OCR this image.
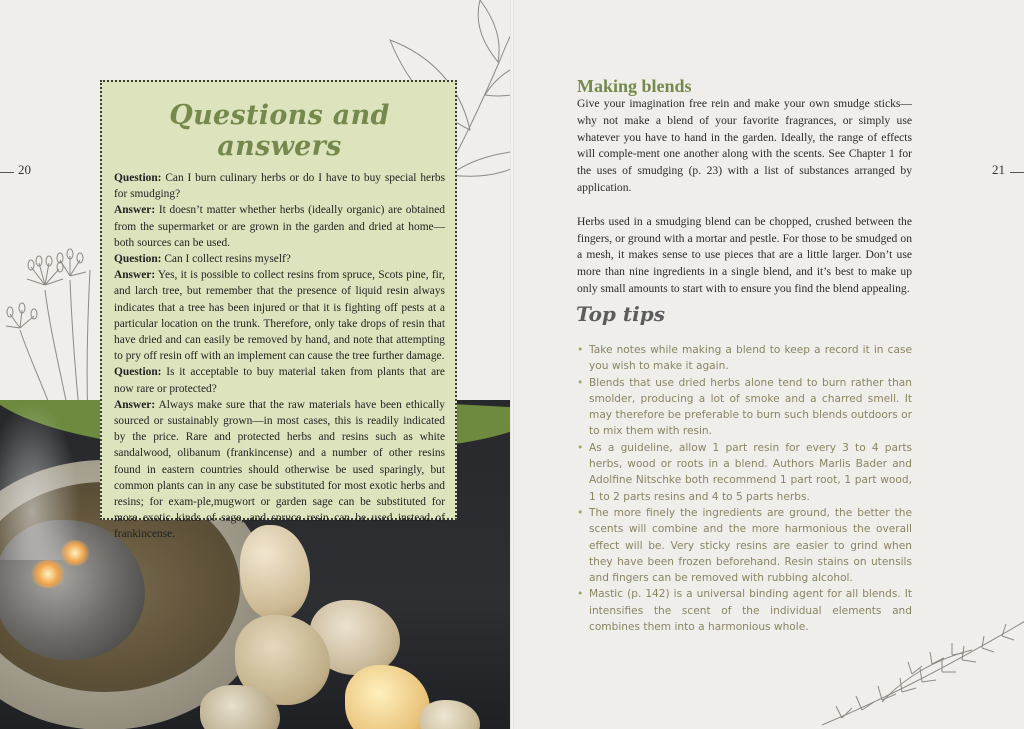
20
Questions and answers

Question: Can I burn culinary herbs or do I have to buy special herbs for smudging?

Answer: It doesn’t matter whether herbs (ideally organic) are obtained from the supermarket or are grown in the garden and dried at home—both sources can be used.

Question: Can I collect resins myself?

Answer: Yes, it is possible to collect resins from spruce, Scots pine, fir, and larch tree, but remember that the presence of liquid resin always indicates that a tree has been injured or that it is fighting off pests at a particular location on the trunk. Therefore, only take drops of resin that have dried and can easily be removed by hand, and note that attempting to pry off resin off with an implement can cause the tree further damage.

Question: Is it acceptable to buy material taken from plants that are now rare or protected?

Answer: Always make sure that the raw materials have been ethically sourced or sustainably grown—in most cases, this is readily indicated by the price. Rare and protected herbs and resins such as white sandalwood, olibanum (frankincense) and a number of other resins found in eastern countries should otherwise be used sparingly, but common plants can in any case be substituted for most exotic herbs and resins; for exam-ple,mugwort or garden sage can be substituted for more exotic kinds of sage, and spruce resin can be used instead of frankincense.

21
Making blends

Give your imagination free rein and make your own smudge sticks—why not make a blend of your favorite fragrances, or simply use whatever you have to hand in the garden. Ideally, the range of effects will comple-ment one another along with the scents. See Chapter 1 for the uses of smudging (p. 23) with a list of substances arranged by application.

Herbs used in a smudging blend can be chopped, crushed between the fingers, or ground with a mortar and pestle. For those to be smudged on a mesh, it makes sense to use pieces that are a little larger. Don’t use more than nine ingredients in a single blend, and it’s best to make up only small amounts to start with to ensure you find the blend appealing.

Top tips
• Take notes while making a blend to keep a record it in case you wish to make it again.
• Blends that use dried herbs alone tend to burn rather than smolder, producing a lot of smoke and a charred smell. It may therefore be preferable to burn such blends outdoors or to mix them with resin.
• As a guideline, allow 1 part resin for every 3 to 4 parts herbs, wood or roots in a blend. Authors Marlis Bader and Adolfine Nitschke both recommend 1 part root, 1 part wood, 1 to 2 parts resins and 4 to 5 parts herbs.
• The more finely the ingredients are ground, the better the scents will combine and the more harmonious the overall effect will be. Very sticky resins are easier to grind when they have been frozen beforehand. Resin stains on utensils and fingers can be removed with rubbing alcohol.
• Mastic (p. 142) is a universal binding agent for all blends. It intensifies the scent of the individual elements and combines them into a harmonious whole.
